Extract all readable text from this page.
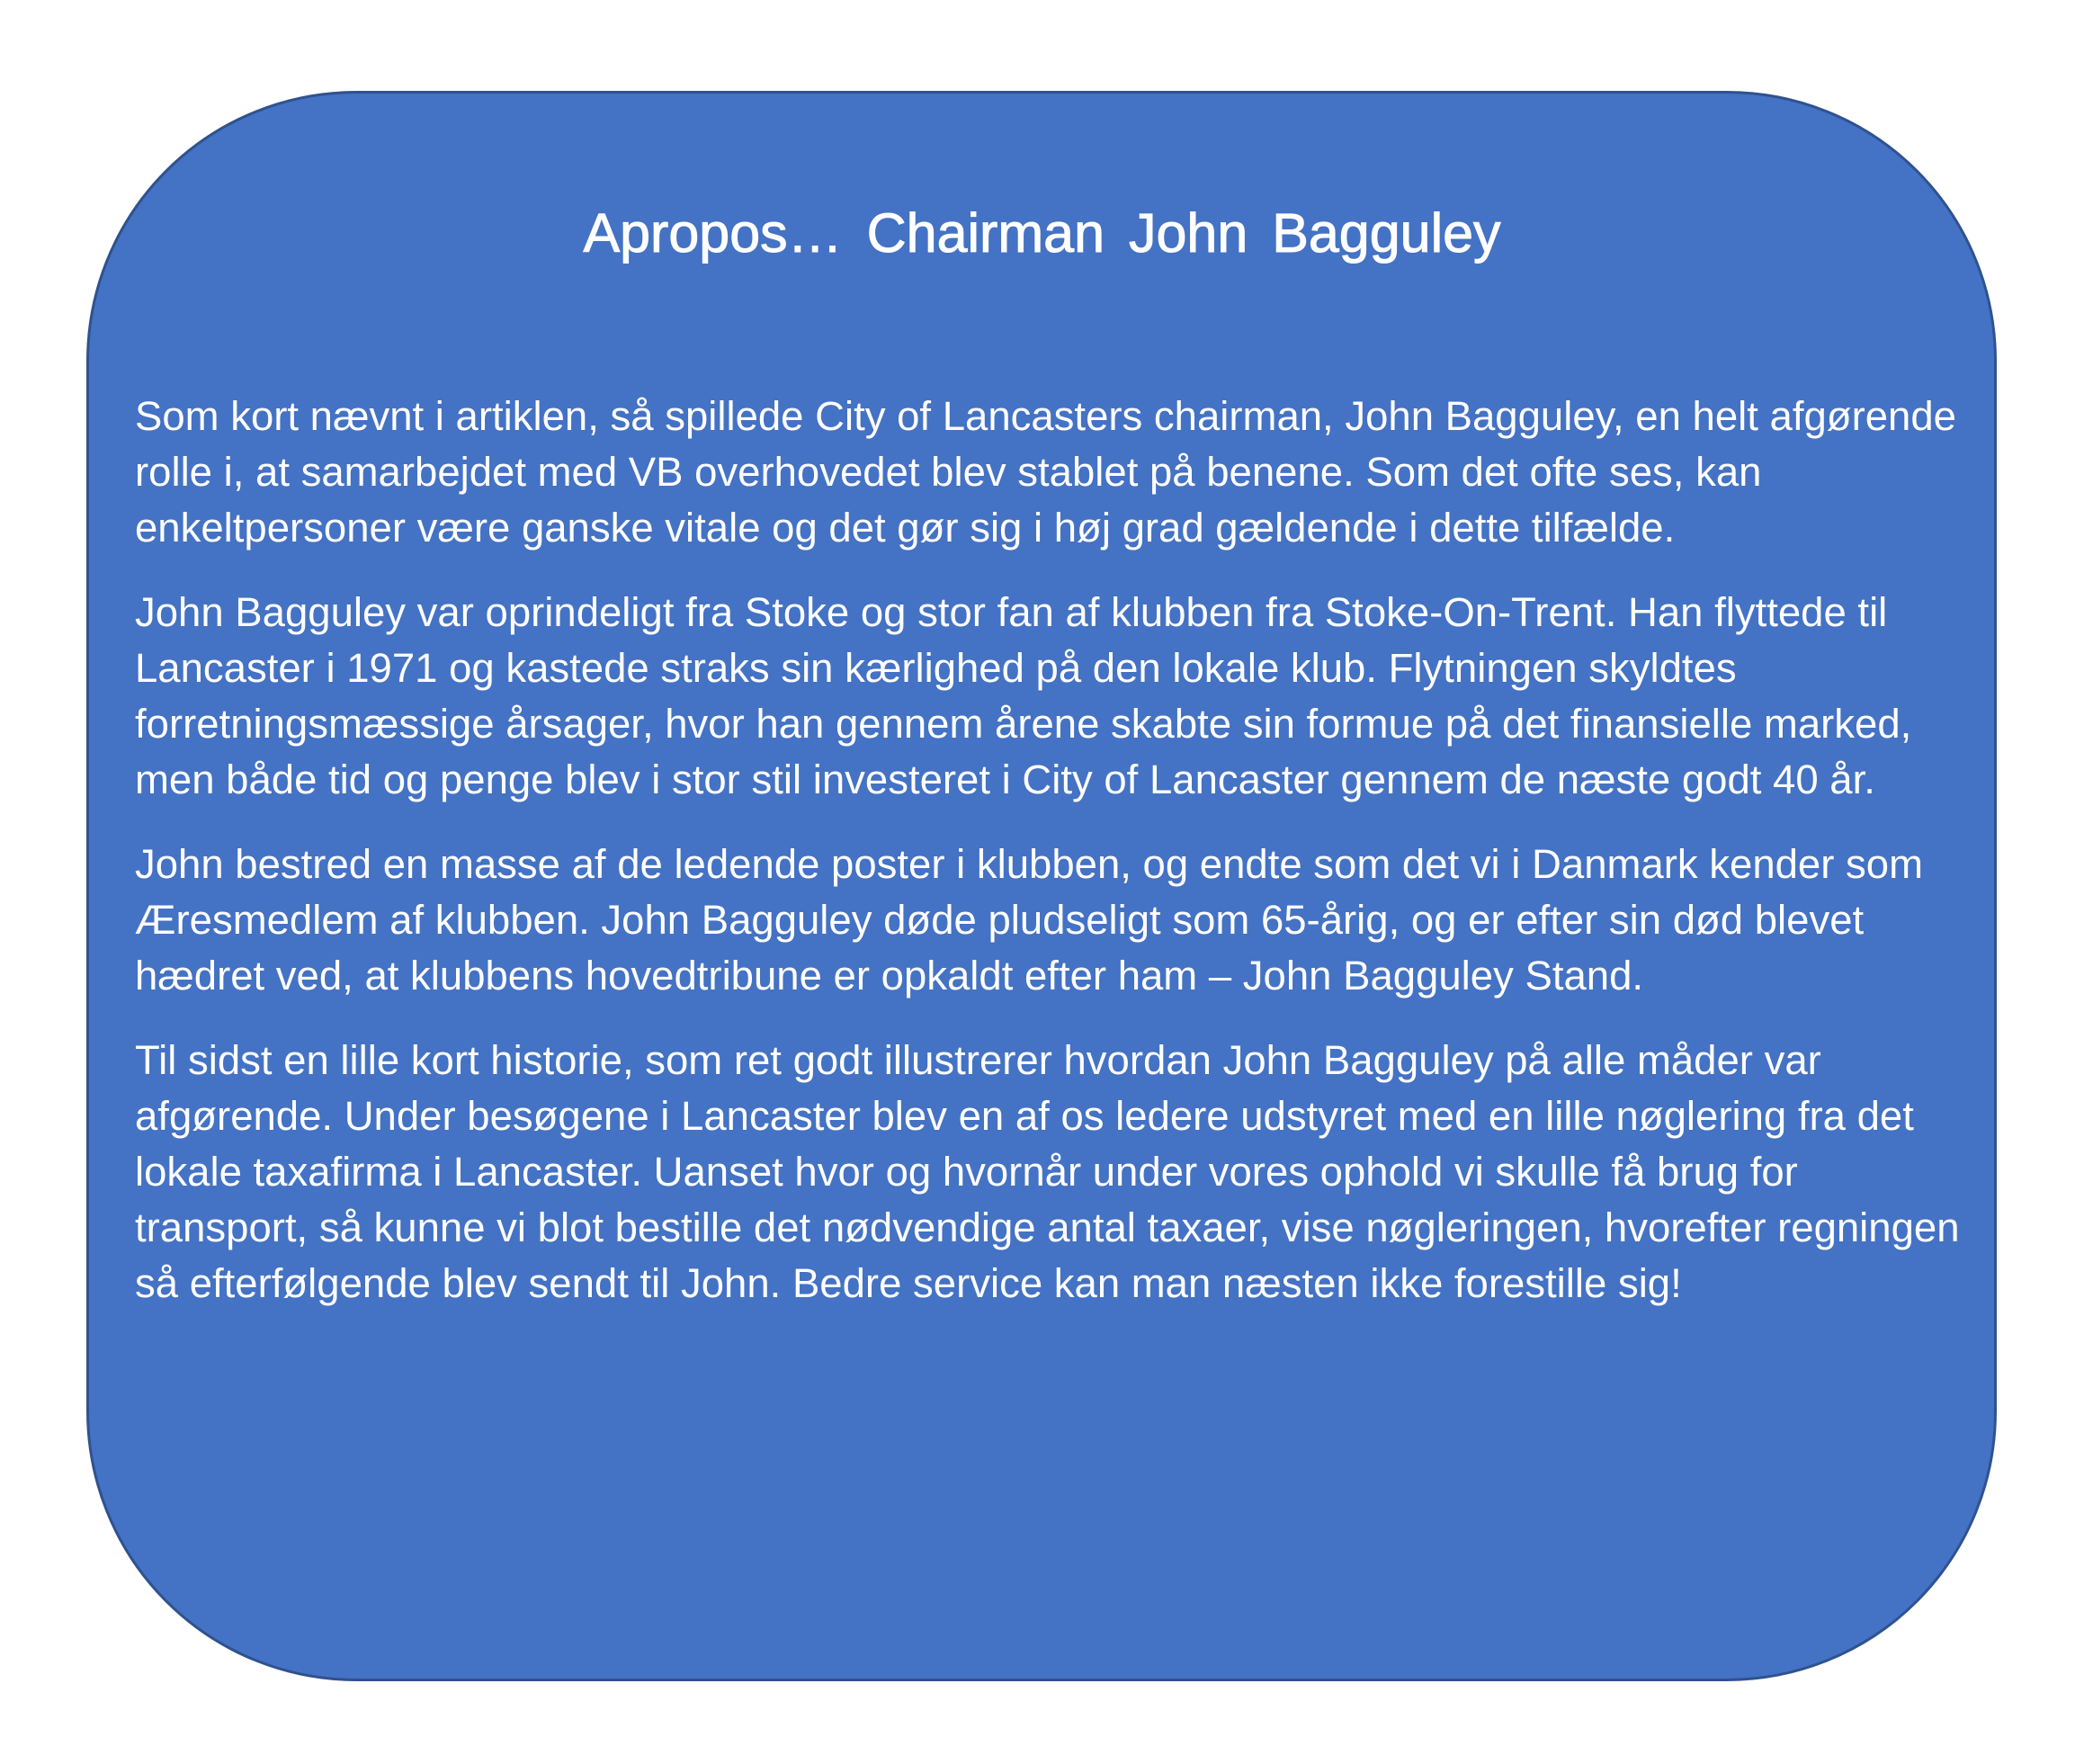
Apropos… Chairman John Bagguley

Som kort nævnt i artiklen, så spillede City of Lancasters chairman, John Bagguley, en helt afgørende rolle i, at samarbejdet med VB overhovedet blev stablet på benene. Som det ofte ses, kan enkeltpersoner være ganske vitale og det gør sig i høj grad gældende i dette tilfælde.

John Bagguley var oprindeligt fra Stoke og stor fan af klubben fra Stoke-On-Trent. Han flyttede til Lancaster i 1971 og kastede straks sin kærlighed på den lokale klub. Flytningen skyldtes forretningsmæssige årsager, hvor han gennem årene skabte sin formue på det finansielle marked, men både tid og penge blev i stor stil investeret i City of Lancaster gennem de næste godt 40 år.

John bestred en masse af de ledende poster i klubben, og endte som det vi i Danmark kender som Æresmedlem af klubben. John Bagguley døde pludseligt som 65-årig, og er efter sin død blevet hædret ved, at klubbens hovedtribune er opkaldt efter ham – John Bagguley Stand.

Til sidst en lille kort historie, som ret godt illustrerer hvordan John Bagguley på alle måder var afgørende. Under besøgene i Lancaster blev en af os ledere udstyret med en lille nøglering fra det lokale taxafirma i Lancaster. Uanset hvor og hvornår under vores ophold vi skulle få brug for transport, så kunne vi blot bestille det nødvendige antal taxaer, vise nøgleringen, hvorefter regningen så efterfølgende blev sendt til John. Bedre service kan man næsten ikke forestille sig!
